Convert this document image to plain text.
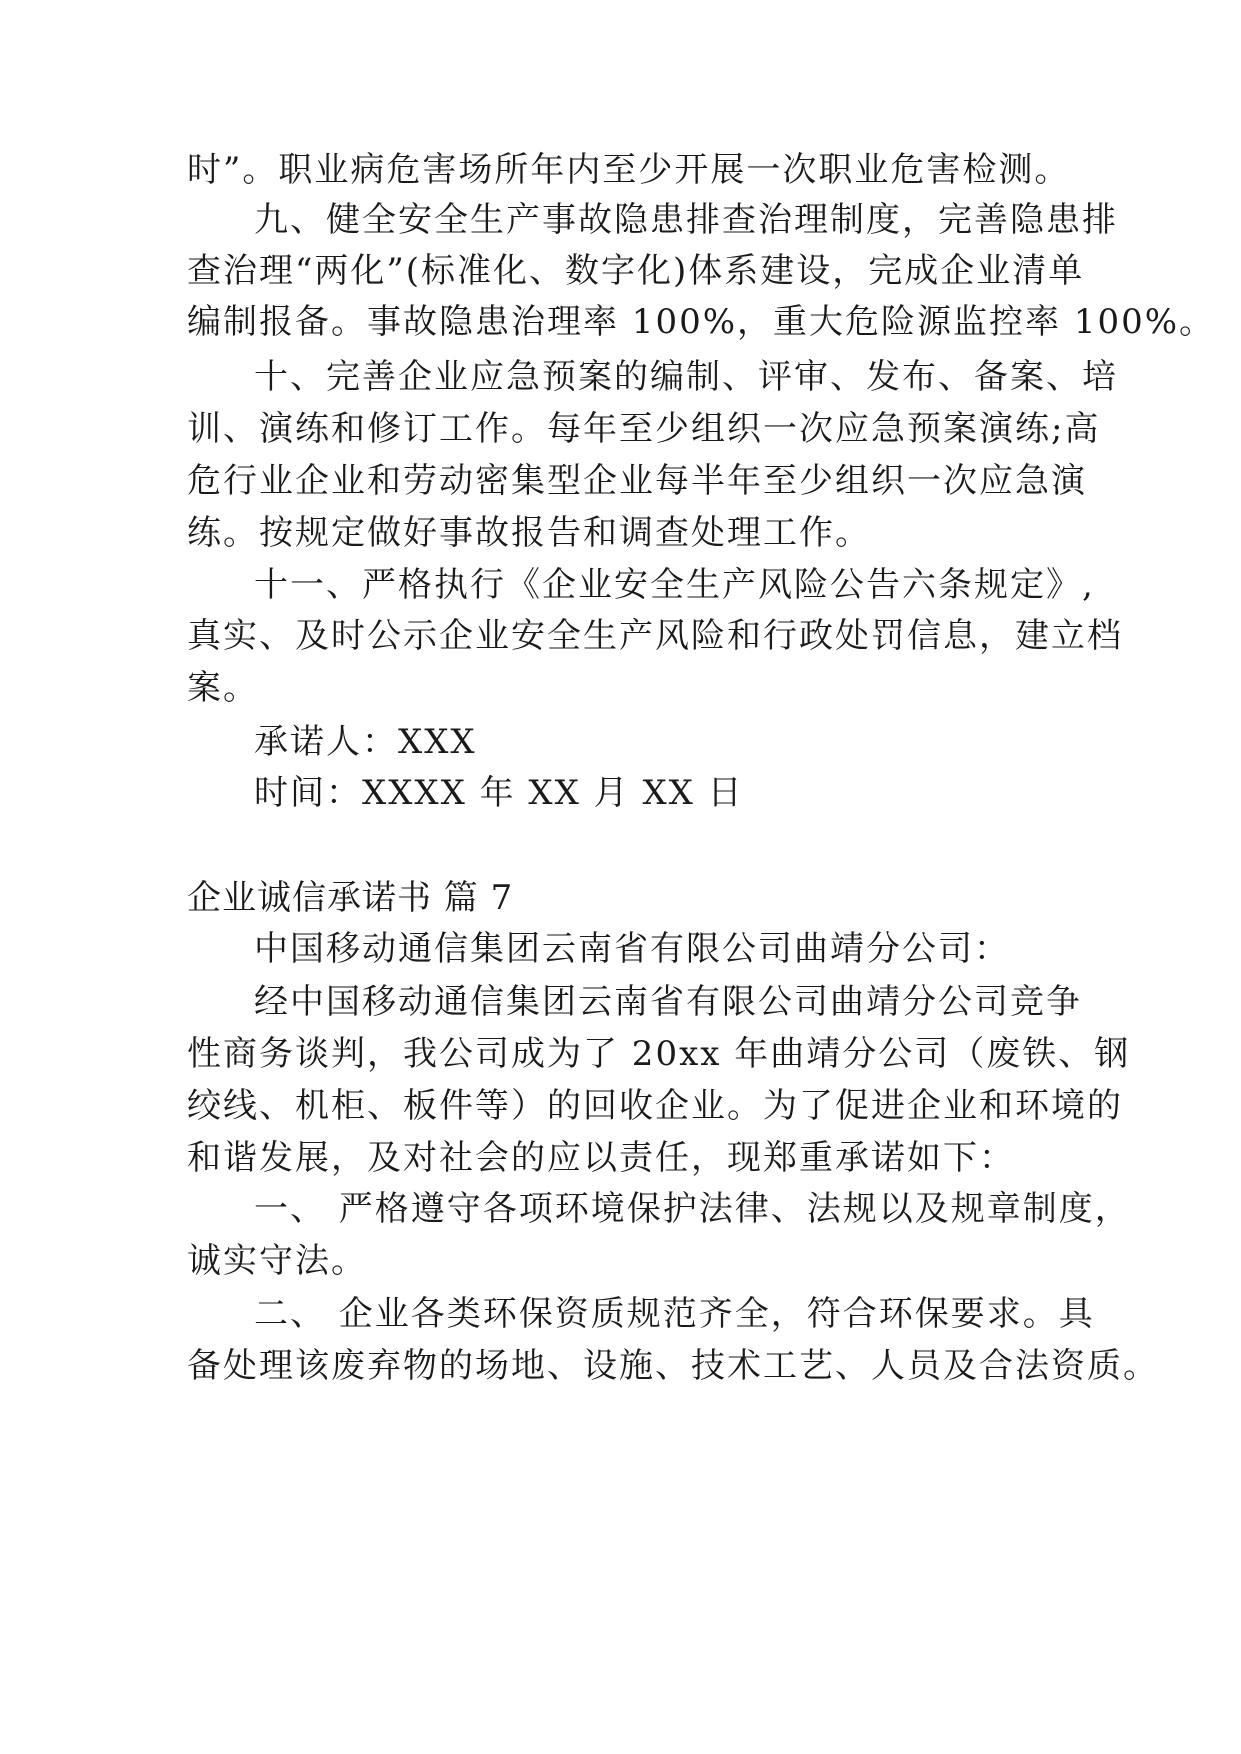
时”。职业病危害场所年内至少开展一次职业危害检测。
九、健全安全生产事故隐患排查治理制度，完善隐患排
查治理“两化”(标准化、数字化)体系建设，完成企业清单
编制报备。事故隐患治理率 100%，重大危险源监控率 100%。
十、完善企业应急预案的编制、评审、发布、备案、培
训、演练和修订工作。每年至少组织一次应急预案演练;高
危行业企业和劳动密集型企业每半年至少组织一次应急演
练。按规定做好事故报告和调查处理工作。
十一、严格执行《企业安全生产风险公告六条规定》,
真实、及时公示企业安全生产风险和行政处罚信息，建立档
案。
承诺人：XXX
时间：XXXX 年 XX 月 XX 日
企业诚信承诺书 篇 7
中国移动通信集团云南省有限公司曲靖分公司：
经中国移动通信集团云南省有限公司曲靖分公司竞争
性商务谈判，我公司成为了 20xx 年曲靖分公司（废铁、钢
绞线、机柜、板件等）的回收企业。为了促进企业和环境的
和谐发展，及对社会的应以责任，现郑重承诺如下：
一、 严格遵守各项环境保护法律、法规以及规章制度，
诚实守法。
二、 企业各类环保资质规范齐全，符合环保要求。具
备处理该废弃物的场地、设施、技术工艺、人员及合法资质。
